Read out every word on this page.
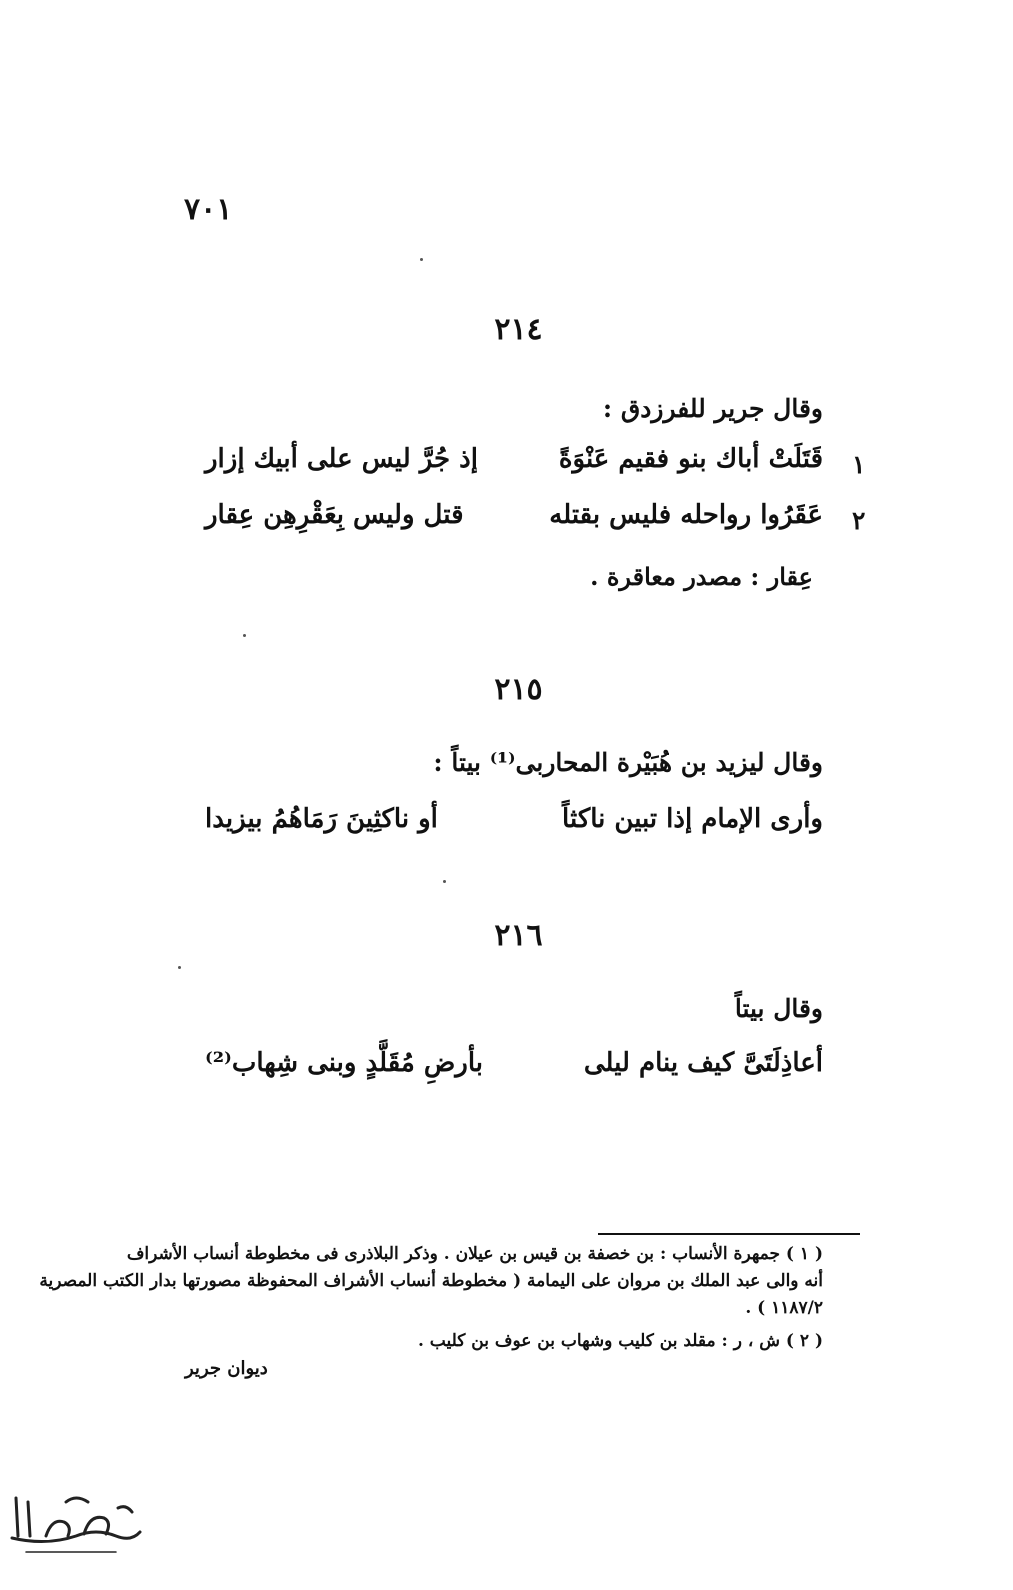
٧٠١
٢١٤
وقال جرير للفرزدق :
١
قَتَلَتْ أباك بنو فقيم عَنْوَةً
إذ جُرَّ ليس على أبيك إزار
٢
عَقَرُوا رواحله فليس بقتله
قتل وليس بِعَقْرِهِن عِقار
عِقار : مصدر معاقرة .
٢١٥
وقال ليزيد بن هُبَيْرة المحاربى⁽¹⁾ بيتاً :
وأرى الإمام إذا تبين ناكثاً
أو ناكثِينَ رَمَاهُمُ بيزيدا
٢١٦
وقال بيتاً
أعاذِلَتَىَّ كيف ينام ليلى
بأرضِ مُقَلَّدٍ وبنى شِهاب⁽²⁾
( ١ ) جمهرة الأنساب : بن خصفة بن قيس بن عيلان . وذكر البلاذرى فى مخطوطة أنساب الأشراف
أنه والى عبد الملك بن مروان على اليمامة ( مخطوطة أنساب الأشراف المحفوظة مصورتها بدار الكتب المصرية
١١٨٧/٢ ) .
( ٢ ) ش ، ر : مقلد بن كليب وشهاب بن عوف بن كليب .
ديوان جرير
